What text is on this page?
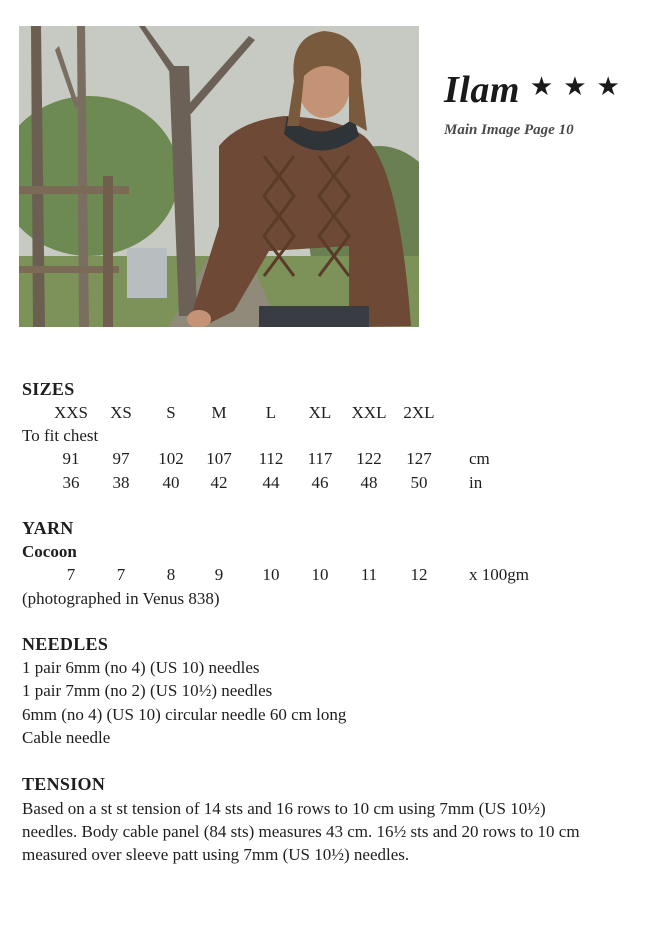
Ilam ★ ★ ★
Main Image Page 10
SIZES
XXS	XS	S	M	L	XL	XXL 2XL
To fit chest
91	97	102	107	112	117	122	127	cm
36	38	40	42	44	46	48	50	in
YARN
Cocoon
7	7	8	9	10	10	11	12	x 100gm
(photographed in Venus 838)
NEEDLES
1 pair 6mm (no 4) (US 10) needles
1 pair 7mm (no 2) (US 10½) needles
6mm (no 4) (US 10) circular needle 60 cm long
Cable needle
TENSION
Based on a st st tension of 14 sts and 16 rows to 10 cm using 7mm (US 10½) needles. Body cable panel (84 sts) measures 43 cm. 16½ sts and 20 rows to 10 cm measured over sleeve patt using 7mm (US 10½) needles.
